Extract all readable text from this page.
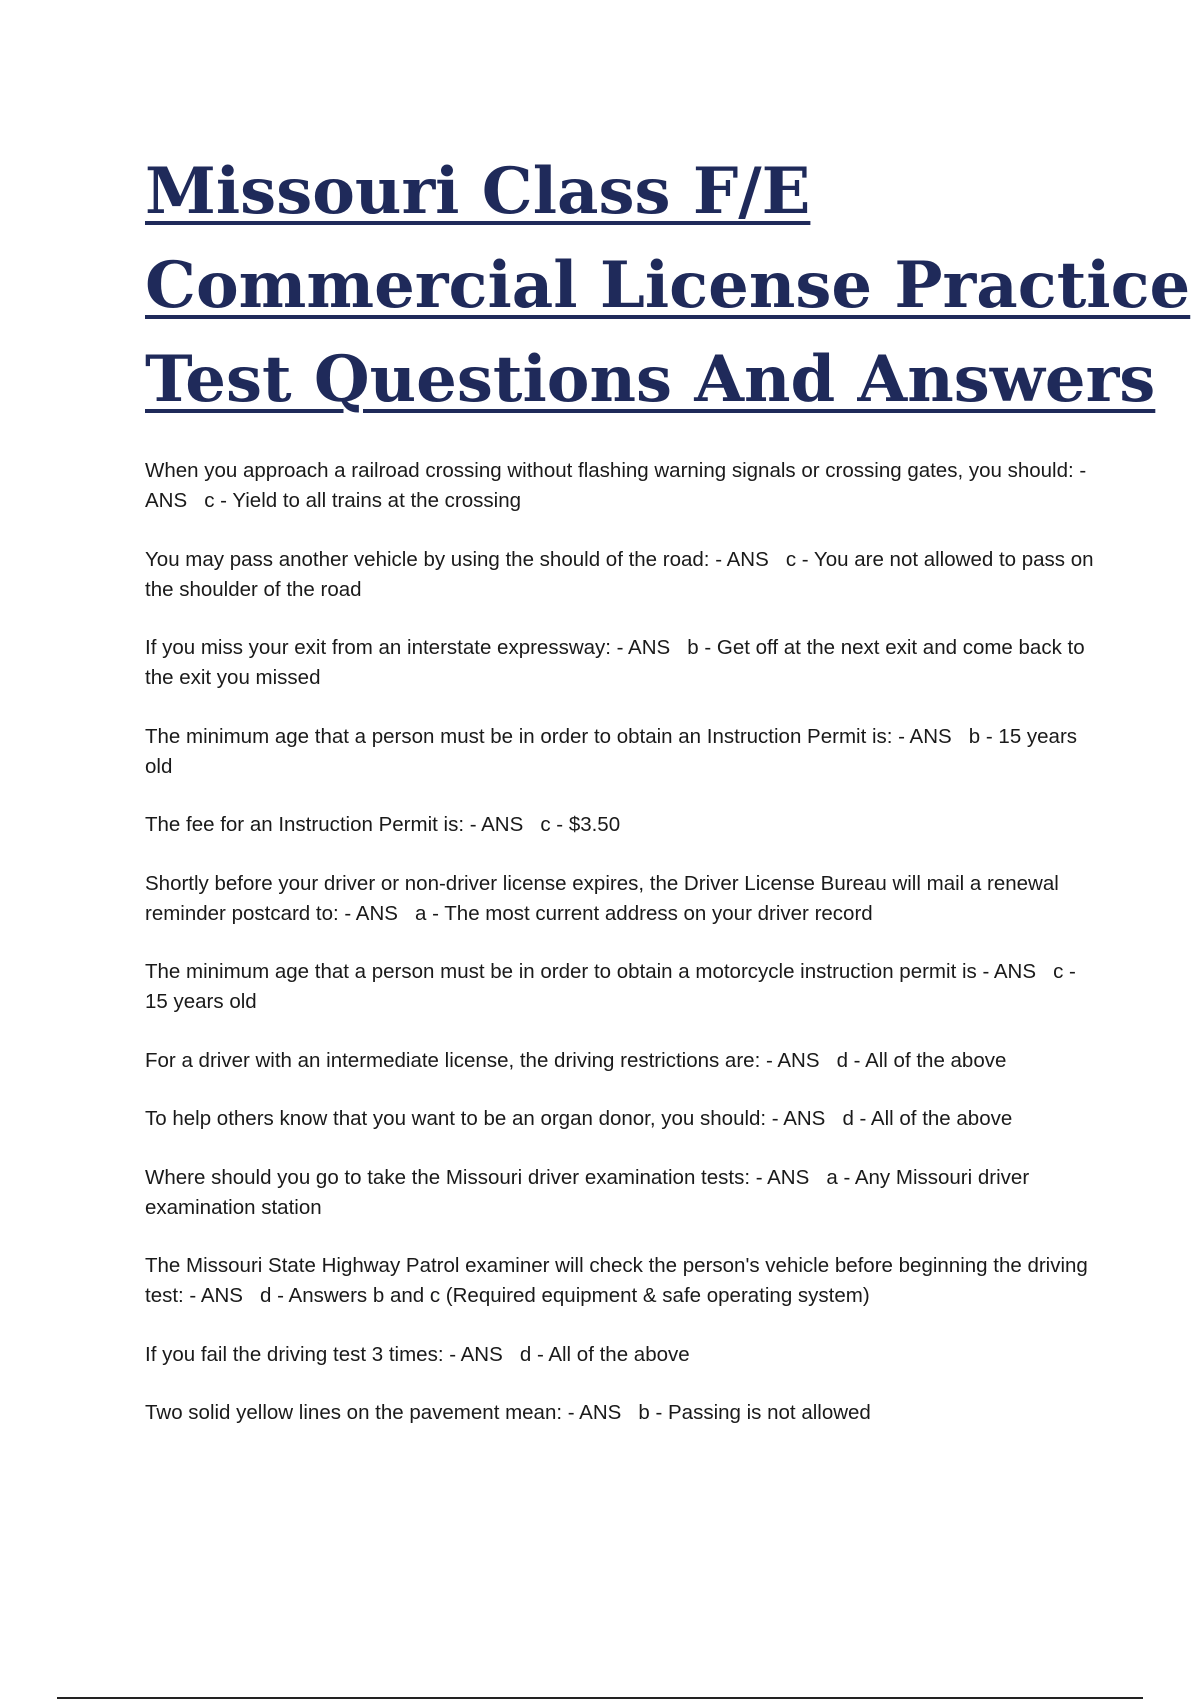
Missouri Class F/E
Commercial License Practice
Test Questions And Answers

When you approach a railroad crossing without flashing warning signals or crossing gates, you should: - ANS   c - Yield to all trains at the crossing

You may pass another vehicle by using the should of the road: - ANS   c - You are not allowed to pass on the shoulder of the road

If you miss your exit from an interstate expressway: - ANS   b - Get off at the next exit and come back to the exit you missed

The minimum age that a person must be in order to obtain an Instruction Permit is: - ANS   b - 15 years old

The fee for an Instruction Permit is: - ANS   c - $3.50

Shortly before your driver or non-driver license expires, the Driver License Bureau will mail a renewal reminder postcard to: - ANS   a - The most current address on your driver record

The minimum age that a person must be in order to obtain a motorcycle instruction permit is - ANS   c - 15 years old

For a driver with an intermediate license, the driving restrictions are: - ANS   d - All of the above

To help others know that you want to be an organ donor, you should: - ANS   d - All of the above

Where should you go to take the Missouri driver examination tests: - ANS   a - Any Missouri driver examination station

The Missouri State Highway Patrol examiner will check the person's vehicle before beginning the driving test: - ANS   d - Answers b and c (Required equipment & safe operating system)

If you fail the driving test 3 times: - ANS   d - All of the above

Two solid yellow lines on the pavement mean: - ANS   b - Passing is not allowed
